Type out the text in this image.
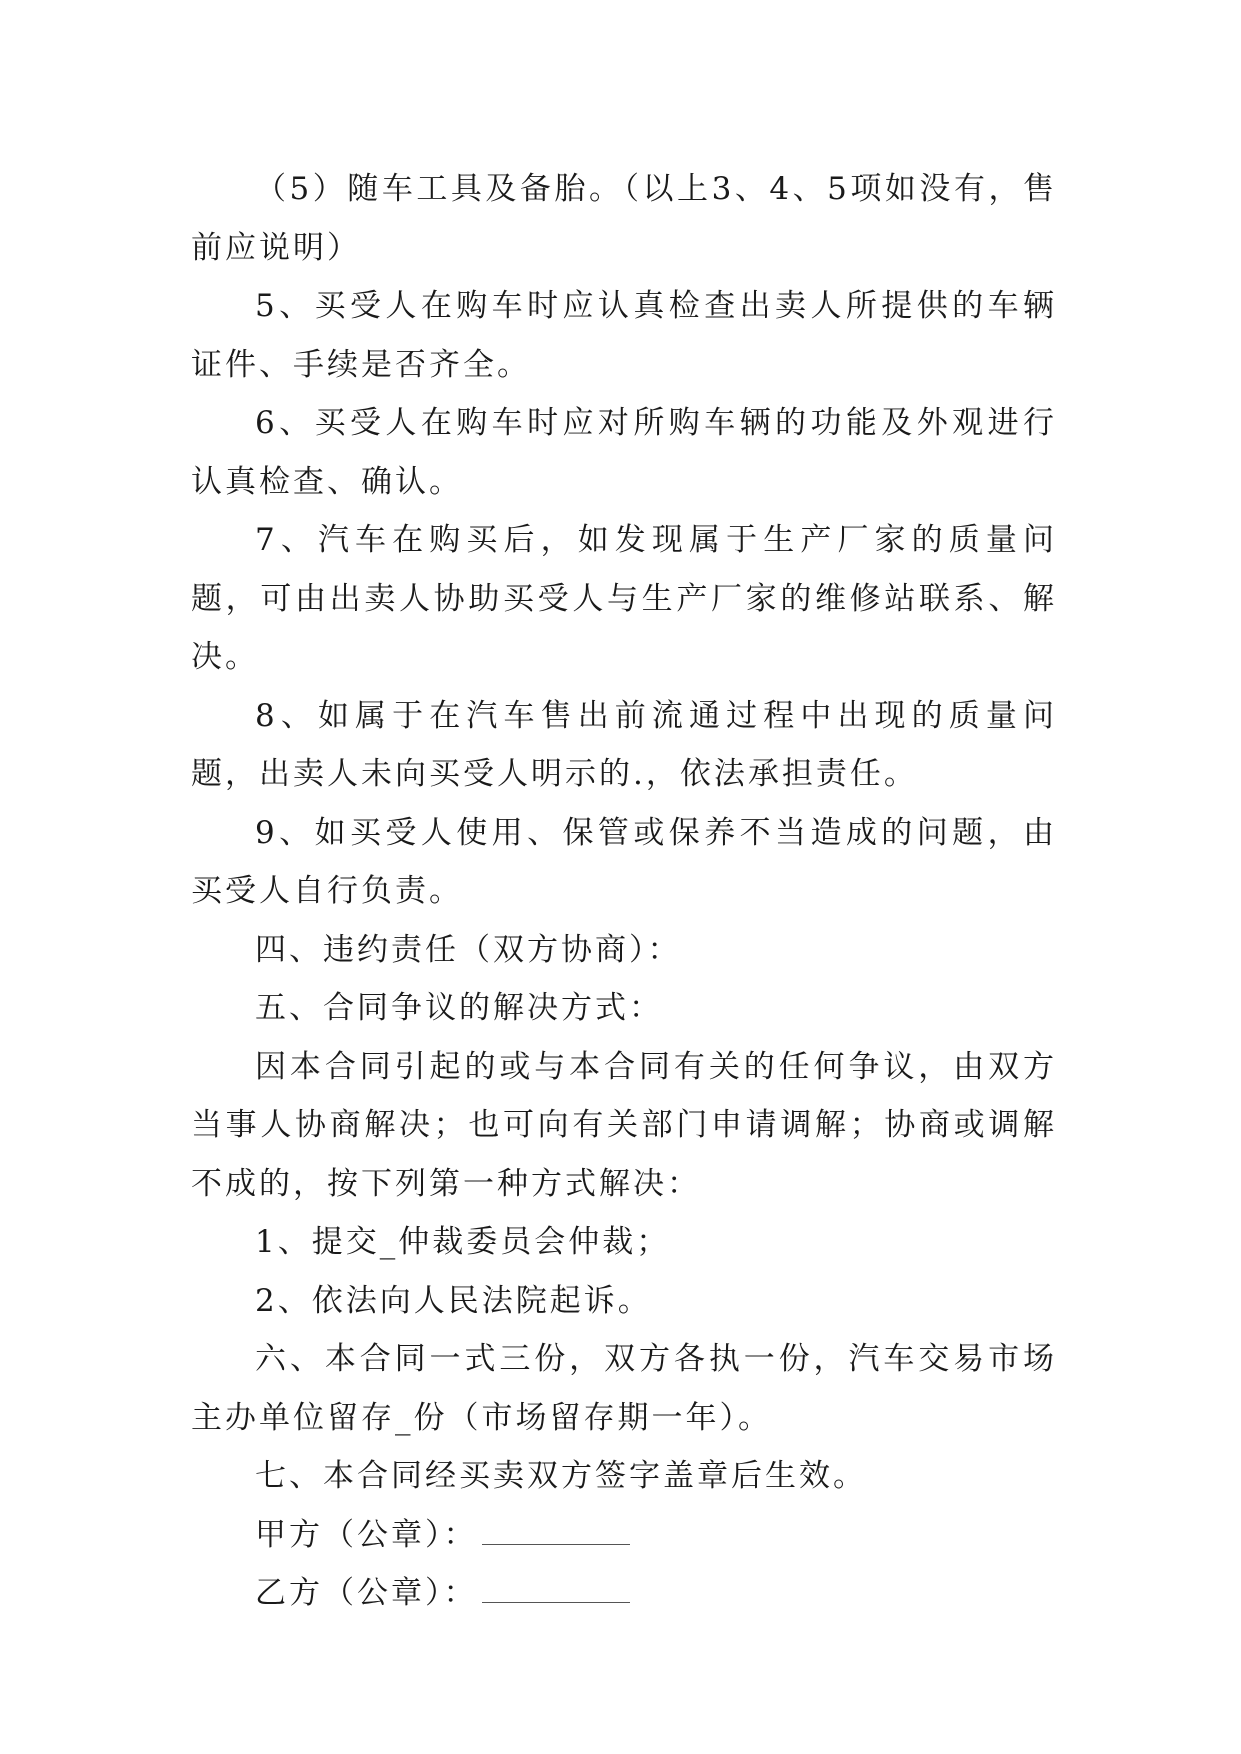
（5）随车工具及备胎。（以上3、4、5项如没有，售前应说明）

5、买受人在购车时应认真检查出卖人所提供的车辆证件、手续是否齐全。

6、买受人在购车时应对所购车辆的功能及外观进行认真检查、确认。

7、汽车在购买后，如发现属于生产厂家的质量问题，可由出卖人协助买受人与生产厂家的维修站联系、解决。

8、如属于在汽车售出前流通过程中出现的质量问题，出卖人未向买受人明示的.，依法承担责任。

9、如买受人使用、保管或保养不当造成的问题，由买受人自行负责。

四、违约责任（双方协商）：

五、合同争议的解决方式：

因本合同引起的或与本合同有关的任何争议，由双方当事人协商解决；也可向有关部门申请调解；协商或调解不成的，按下列第一种方式解决：

1、提交_仲裁委员会仲裁；

2、依法向人民法院起诉。

六、本合同一式三份，双方各执一份，汽车交易市场主办单位留存_份（市场留存期一年）。

七、本合同经买卖双方签字盖章后生效。

甲方（公章）：

乙方（公章）：
